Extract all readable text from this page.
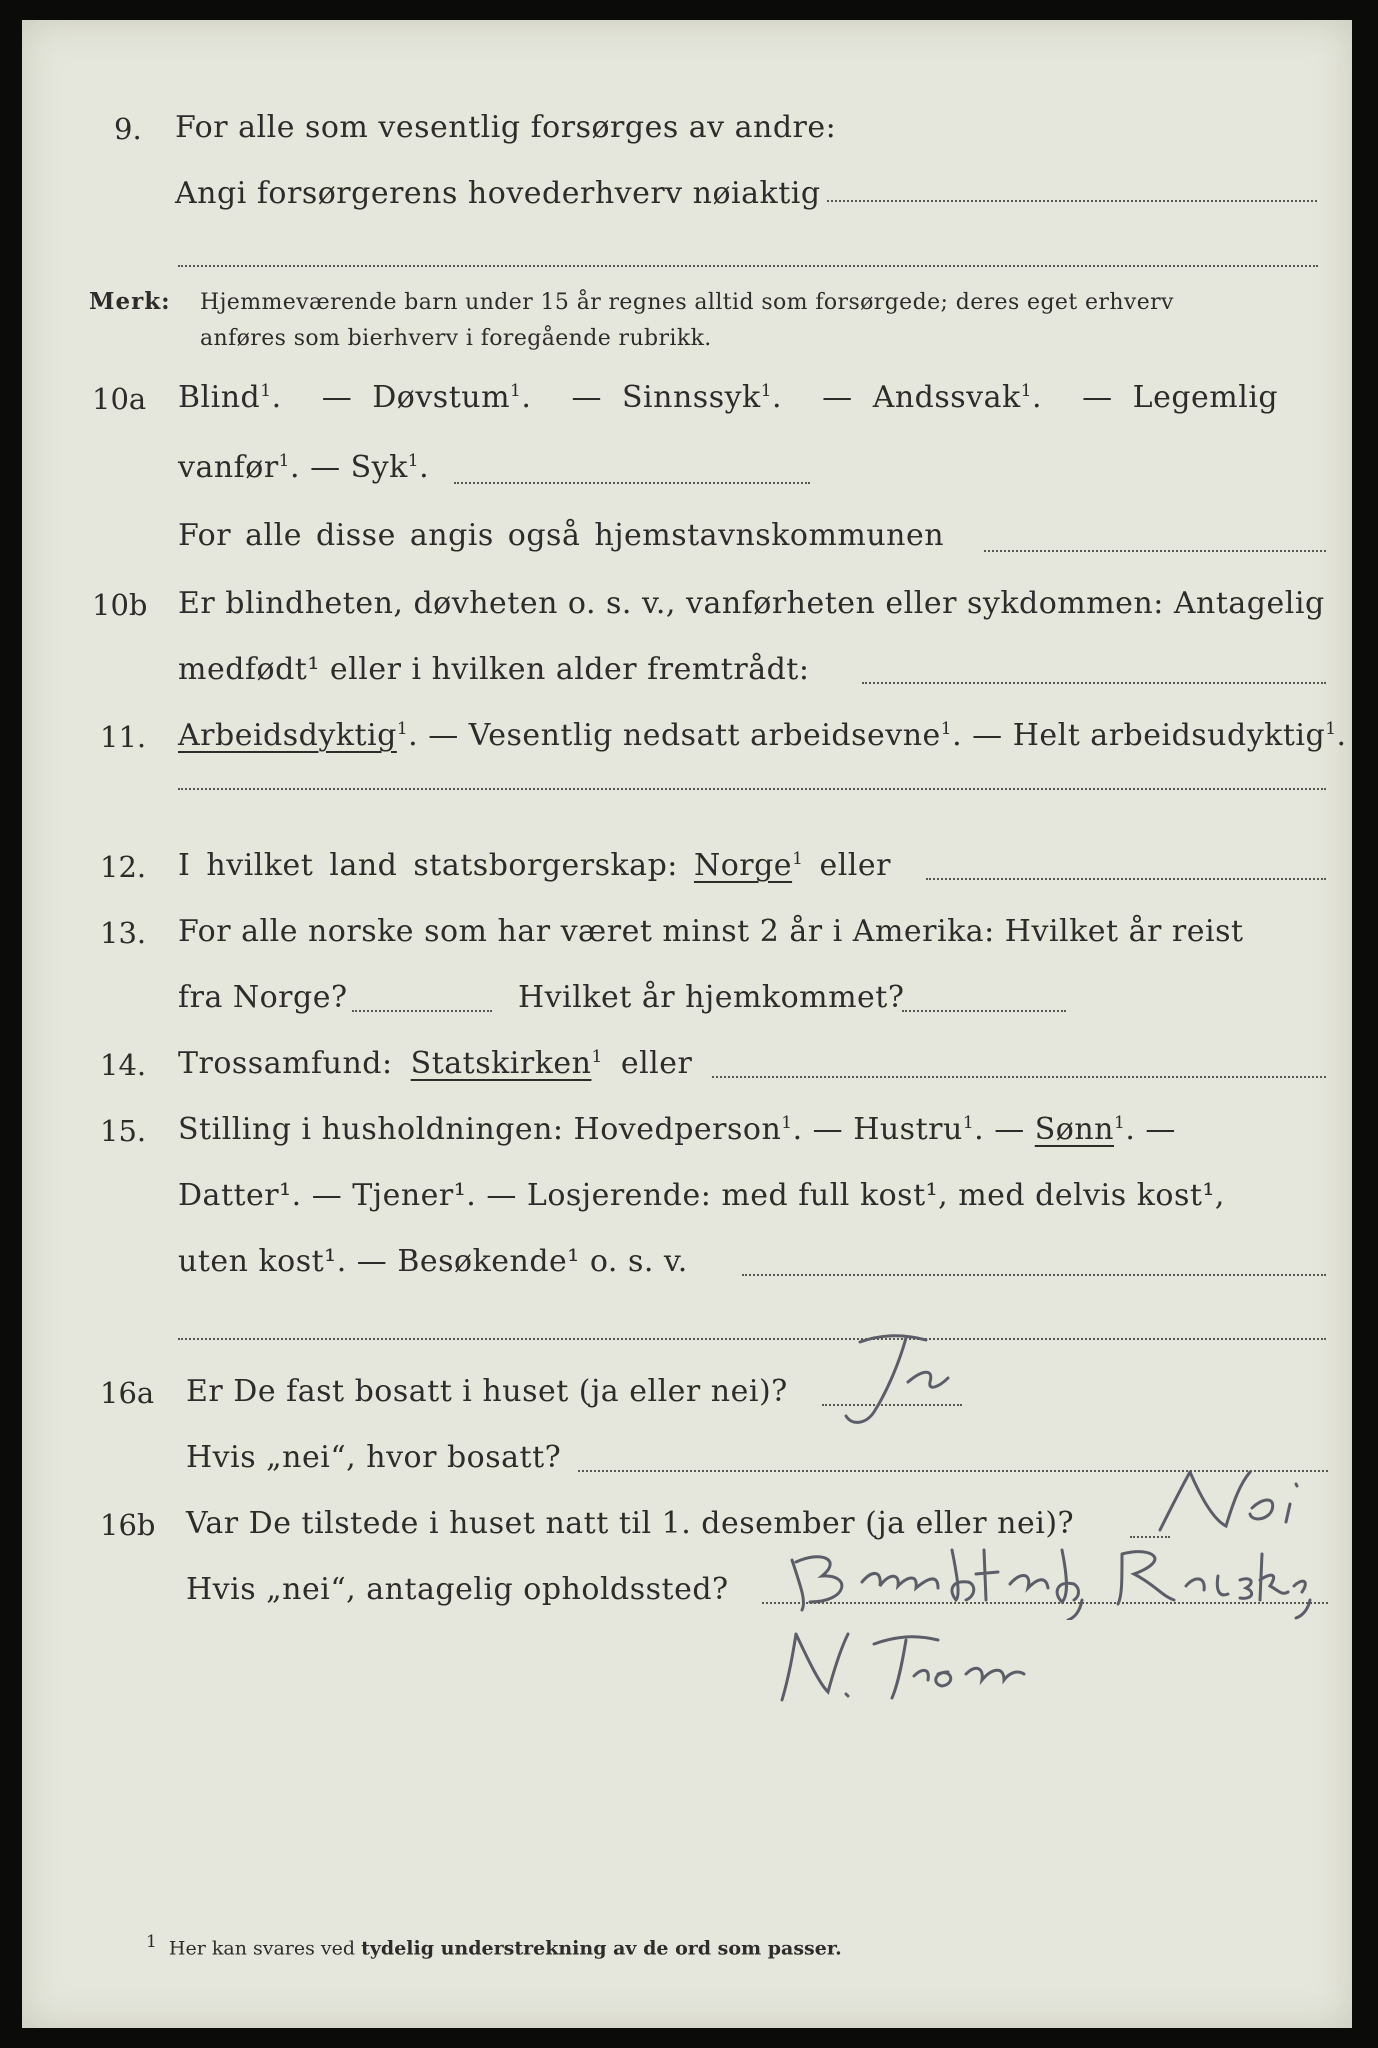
9. For alle som vesentlig forsørges av andre:
Angi forsørgerens hovederhverv nøiaktig
Merk: Hjemmeværende barn under 15 år regnes alltid som forsørgede; deres eget erhverv
anføres som bierhverv i foregående rubrikk.
10a Blind$^1$.  — Døvstum$^1$.  — Sinnssyk$^1$.  — Andssvak$^1$.  — Legemlig
vanfør$^1$. — Syk$^1$.
For alle disse angis også hjemstavnskommunen
10b Er blindheten, døvheten o. s. v., vanførheten eller sykdommen: Antagelig
medfødt¹ eller i hvilken alder fremtrådt:
11. Arbeidsdyktig$^1$. — Vesentlig nedsatt arbeidsevne$^1$. — Helt arbeidsudyktig$^1$.
12. I hvilket land statsborgerskap: Norge$^1$ eller
13. For alle norske som har været minst 2 år i Amerika: Hvilket år reist
fra Norge?	Hvilket år hjemkommet?
14. Trossamfund: Statskirken$^1$ eller
15. Stilling i husholdningen: Hovedperson$^1$. — Hustru$^1$. — Sønn$^1$. —
Datter¹. — Tjener¹. — Losjerende: med full kost¹, med delvis kost¹,
uten kost¹. — Besøkende¹ o. s. v.
16a Er De fast bosatt i huset (ja eller nei)?
Hvis „nei“, hvor bosatt?
16b Var De tilstede i huset natt til 1. desember (ja eller nei)?
Hvis „nei“, antagelig opholdssted?
1 Her kan svares ved tydelig understrekning av de ord som passer.
